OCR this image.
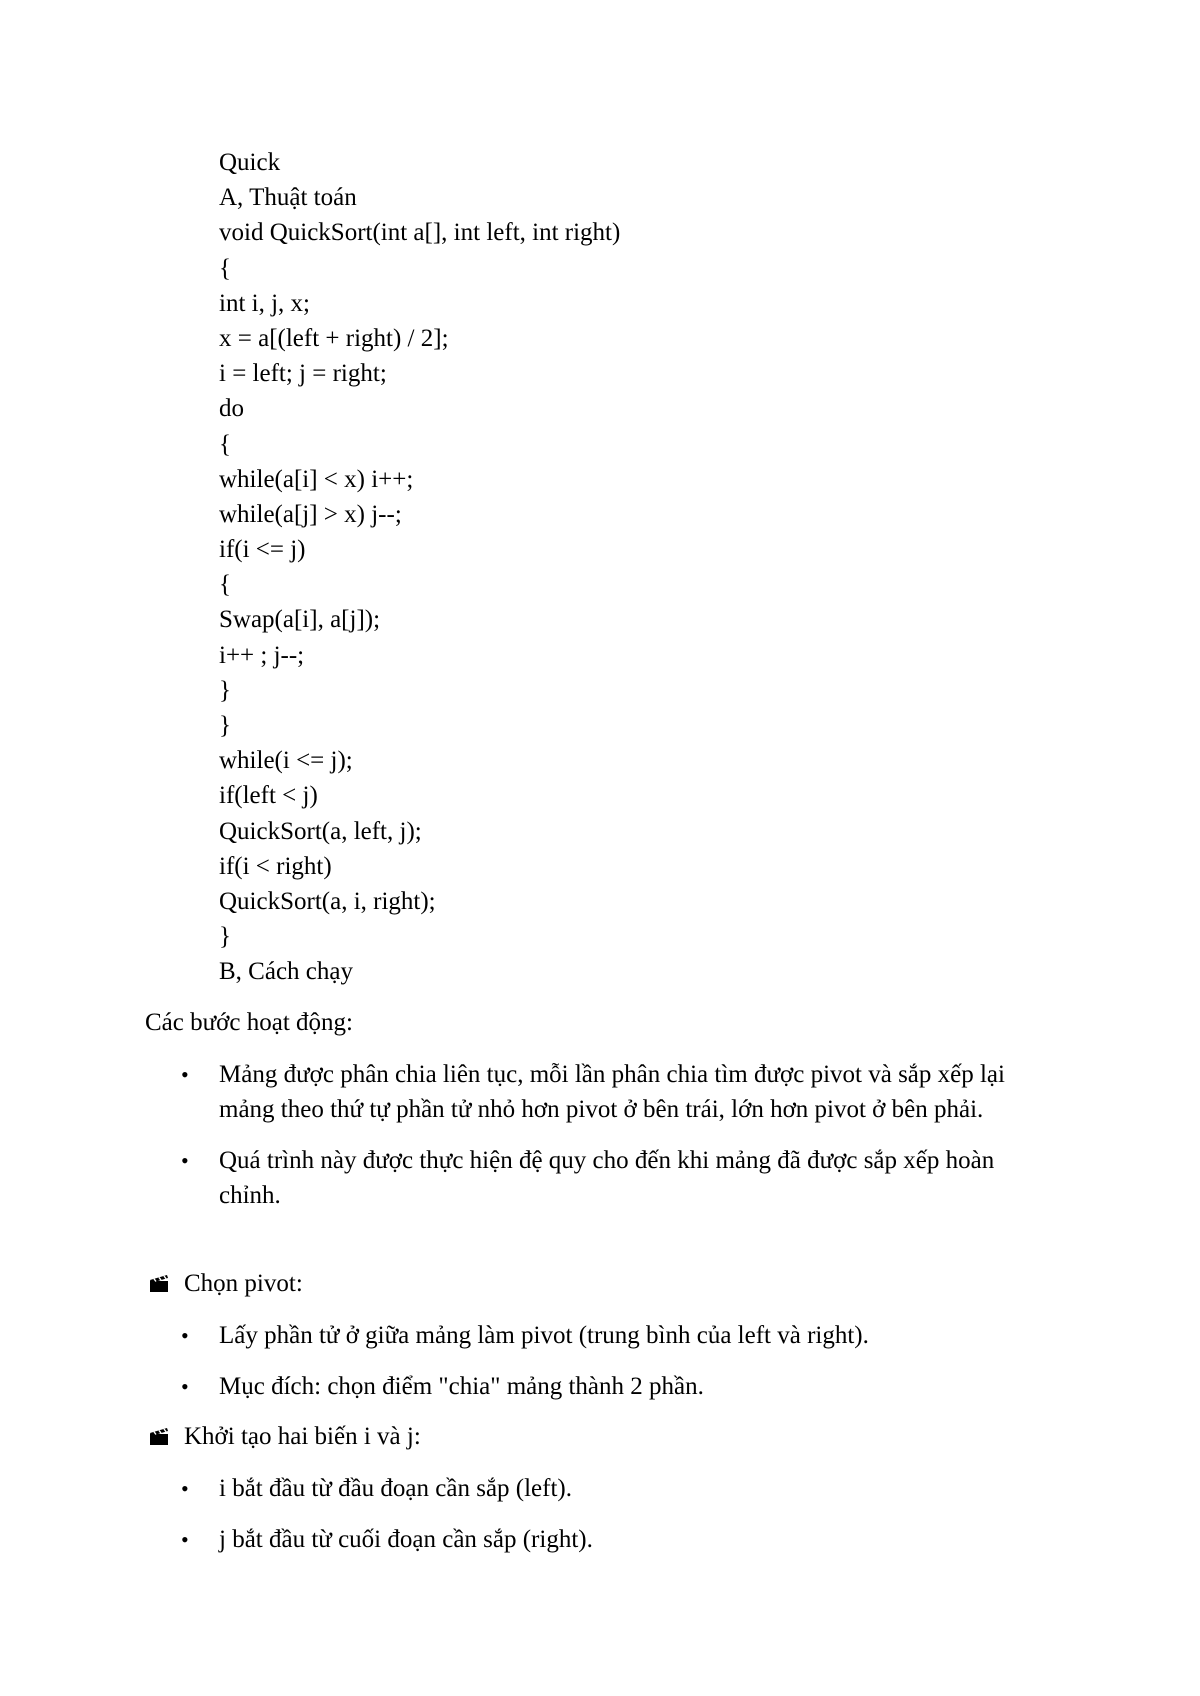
Quick
A, Thuật toán
void QuickSort(int a[], int left, int right)
{
int i, j, x;
x = a[(left + right) / 2];
i = left; j = right;
do
{
while(a[i] < x) i++;
while(a[j] > x) j--;
if(i <= j)
{
Swap(a[i], a[j]);
i++ ; j--;
}
}
while(i <= j);
if(left < j)
QuickSort(a, left, j);
if(i < right)
QuickSort(a, i, right);
}
B, Cách chạy
Các bước hoạt động:
• Mảng được phân chia liên tục, mỗi lần phân chia tìm được pivot và sắp xếp lại mảng theo thứ tự phần tử nhỏ hơn pivot ở bên trái, lớn hơn pivot ở bên phải.
• Quá trình này được thực hiện đệ quy cho đến khi mảng đã được sắp xếp hoàn chỉnh.
Chọn pivot:
• Lấy phần tử ở giữa mảng làm pivot (trung bình của left và right).
• Mục đích: chọn điểm "chia" mảng thành 2 phần.
Khởi tạo hai biến i và j:
• i bắt đầu từ đầu đoạn cần sắp (left).
• j bắt đầu từ cuối đoạn cần sắp (right).
